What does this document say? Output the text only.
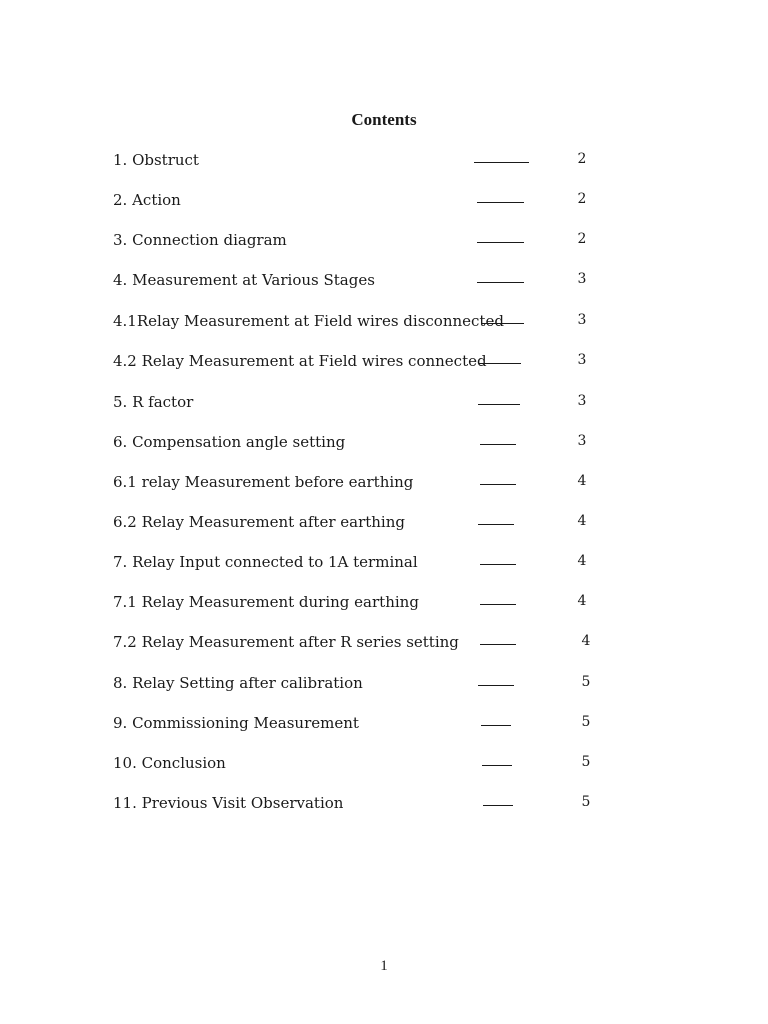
Contents
1. Obstruct	2
2. Action	2
3. Connection diagram	2
4. Measurement at Various Stages	3
4.1Relay Measurement at Field wires disconnected	3
4.2 Relay Measurement at Field wires connected	3
5. R factor	3
6. Compensation angle setting	3
6.1 relay Measurement before earthing	4
6.2 Relay Measurement after earthing	4
7. Relay Input connected to 1A terminal	4
7.1 Relay Measurement during earthing	4
7.2 Relay Measurement after R series setting	4
8. Relay Setting after calibration	5
9. Commissioning Measurement	5
10. Conclusion	5
11. Previous Visit Observation	5
1
